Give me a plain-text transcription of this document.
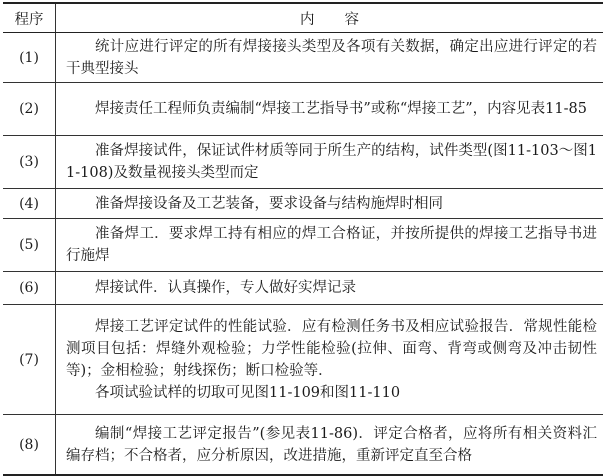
程序	内容
(1)	统计应进行评定的所有焊接接头类型及各项有关数据，确定出应进行评定的若干典型接头
(2)	焊接责任工程师负责编制“焊接工艺指导书”或称“焊接工艺”，内容见表11-85
(3)	准备焊接试件，保证试件材质等同于所生产的结构，试件类型(图11-103～图11-108)及数量视接头类型而定
(4)	准备焊接设备及工艺装备，要求设备与结构施焊时相同
(5)	准备焊工．要求焊工持有相应的焊工合格证，并按所提供的焊接工艺指导书进行施焊
(6)	焊接试件．认真操作，专人做好实焊记录
(7)	焊接工艺评定试件的性能试验．应有检测任务书及相应试验报告．常规性能检测项目包括：焊缝外观检验；力学性能检验(拉伸、面弯、背弯或侧弯及冲击韧性等)；金相检验；射线探伤；断口检验等．
各项试验试样的切取可见图11-109和图11-110

(8)	编制“焊接工艺评定报告”(参见表11-86)．评定合格者，应将所有相关资料汇编存档；不合格者，应分析原因，改进措施，重新评定直至合格
